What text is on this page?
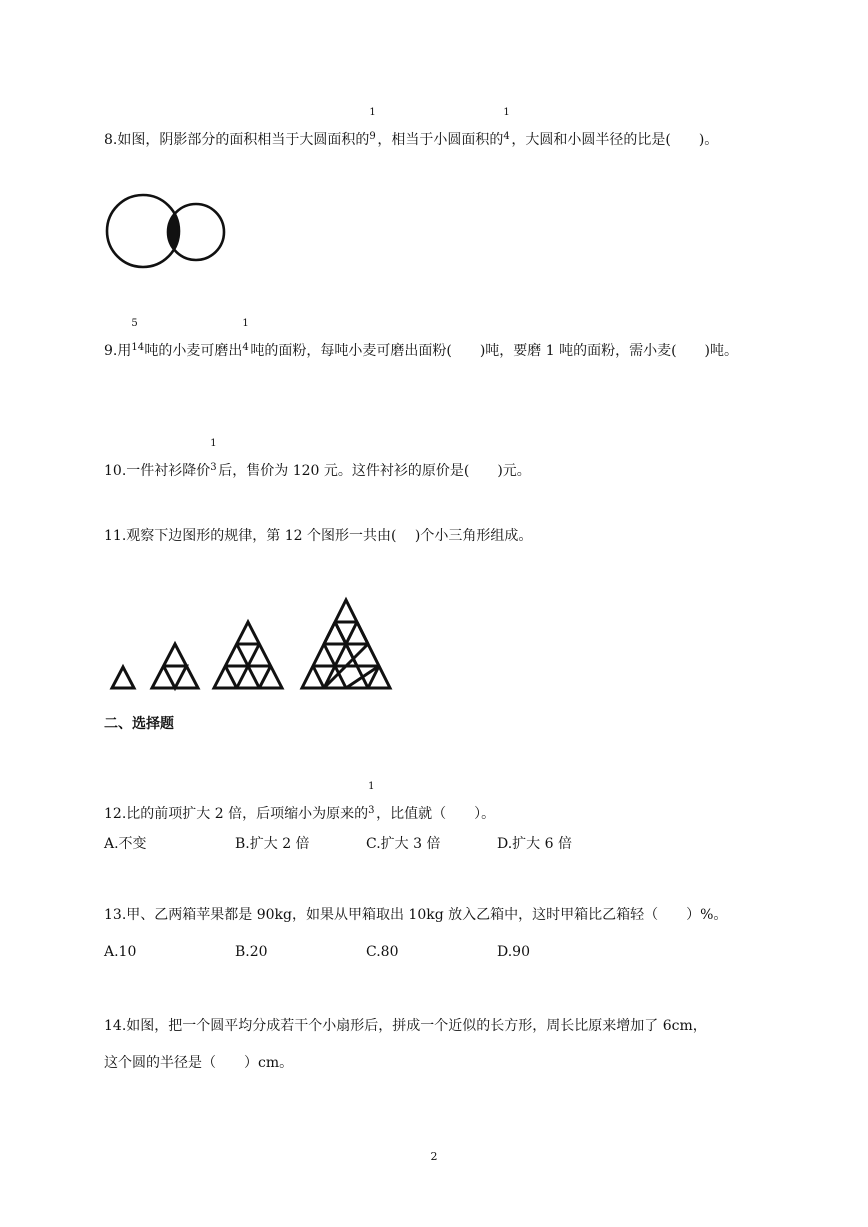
8.如图，阴影部分的面积相当于大圆面积的
1
9 ，相当于小圆面积的
1
4 ，大圆和小圆半径的比是(　　)。
9.用
5
14 吨的小麦可磨出
1
4 吨的面粉，每吨小麦可磨出面粉(　　)吨，要磨 1 吨的面粉，需小麦(　　)吨。
10.一件衬衫降价
1
3 后，售价为 120 元。这件衬衫的原价是(　　)元。
11.观察下边图形的规律，第 12 个图形一共由(　 )个小三角形组成。
二、选择题
12.比的前项扩大 2 倍，后项缩小为原来的
1
3 ，比值就（　　）。
A.不变	B.扩大 2 倍	C.扩大 3 倍	D.扩大 6 倍
13.甲、乙两箱苹果都是 90kg，如果从甲箱取出 10kg 放入乙箱中，这时甲箱比乙箱轻（　　）%。
A.10	B.20	C.80	D.90
14.如图，把一个圆平均分成若干个小扇形后，拼成一个近似的长方形，周长比原来增加了 6cm，
这个圆的半径是（　　）cm。
2
